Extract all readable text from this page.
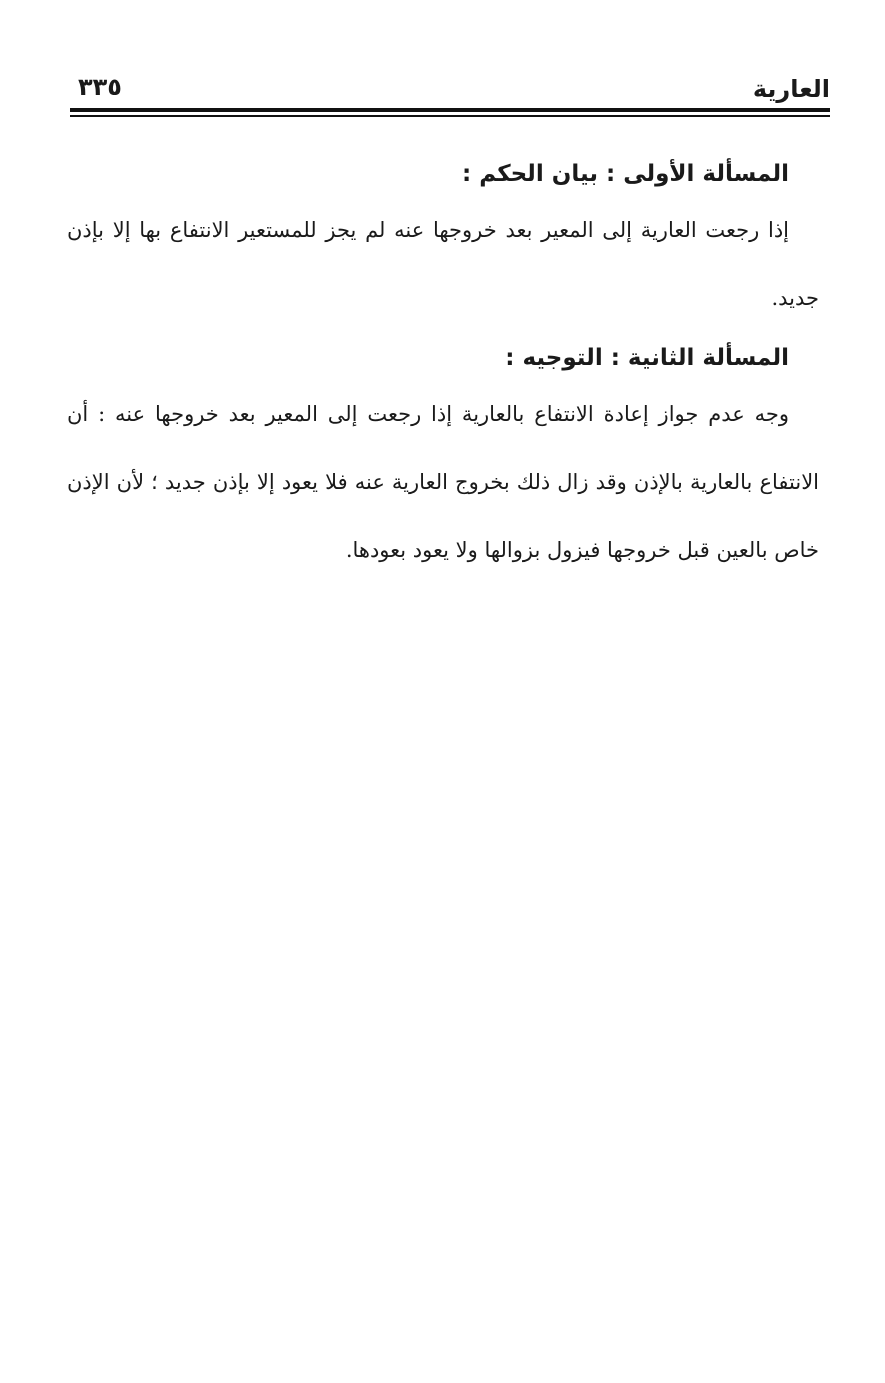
العارية
٣٣٥
المسألة الأولى : بيان الحكم :

إذا رجعت العارية إلى المعير بعد خروجها عنه لم يجز للمستعير الانتفاع بها إلا بإذن جديد.

المسألة الثانية : التوجيه :

وجه عدم جواز إعادة الانتفاع بالعارية إذا رجعت إلى المعير بعد خروجها عنه : أن الانتفاع بالعارية بالإذن وقد زال ذلك بخروج العارية عنه فلا يعود إلا بإذن جديد ؛ لأن الإذن خاص بالعين قبل خروجها فيزول بزوالها ولا يعود بعودها.
